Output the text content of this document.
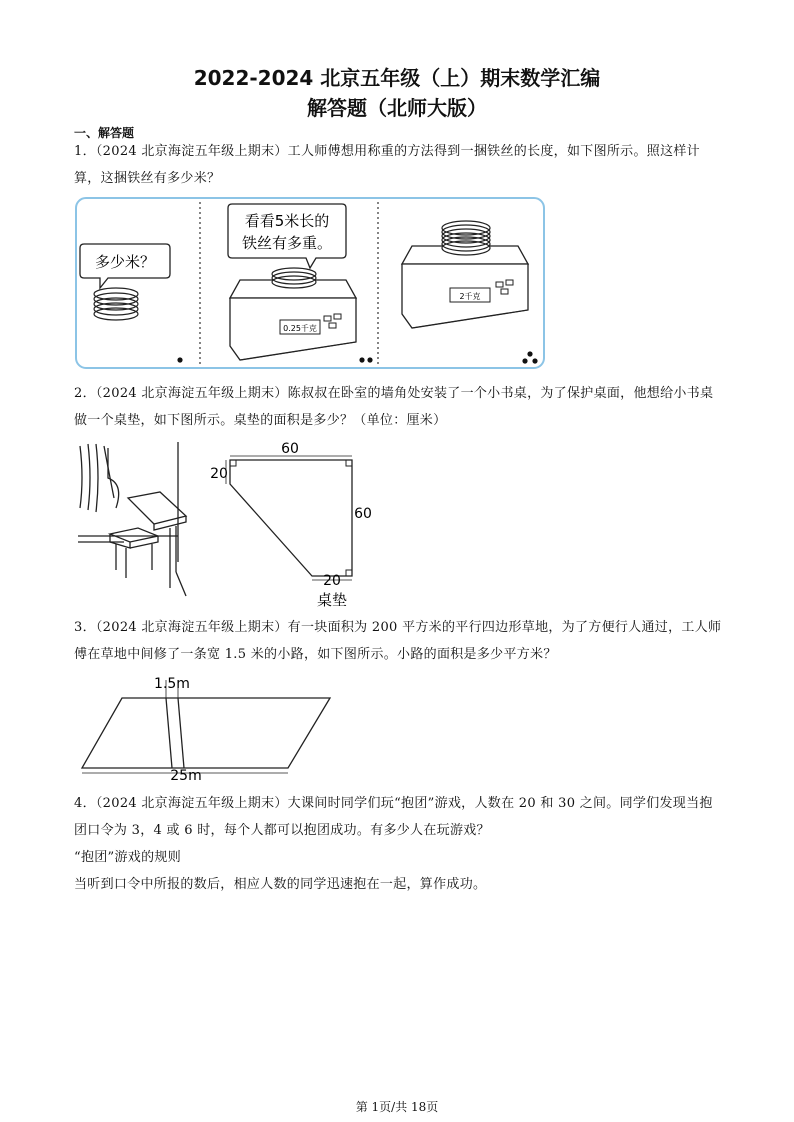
2022-2024 北京五年级（上）期末数学汇编
解答题（北师大版）
一、解答题

1．（2024 北京海淀五年级上期末）工人师傅想用称重的方法得到一捆铁丝的长度，如下图所示。照这样计算，这捆铁丝有多少米？

多少米？
看看5米长的
铁丝有多重。
0.25千克
2千克

2．（2024 北京海淀五年级上期末）陈叔叔在卧室的墙角处安装了一个小书桌，为了保护桌面，他想给小书桌做一个桌垫，如下图所示。桌垫的面积是多少？（单位：厘米）

60
20
60
20
桌垫

3．（2024 北京海淀五年级上期末）有一块面积为 200 平方米的平行四边形草地，为了方便行人通过，工人师傅在草地中间修了一条宽 1.5 米的小路，如下图所示。小路的面积是多少平方米？

1.5m
25m

4．（2024 北京海淀五年级上期末）大课间时同学们玩“抱团”游戏，人数在 20 和 30 之间。同学们发现当抱团口令为 3，4 或 6 时，每个人都可以抱团成功。有多少人在玩游戏？

“抱团”游戏的规则

当听到口令中所报的数后，相应人数的同学迅速抱在一起，算作成功。

第 1页/共 18页
